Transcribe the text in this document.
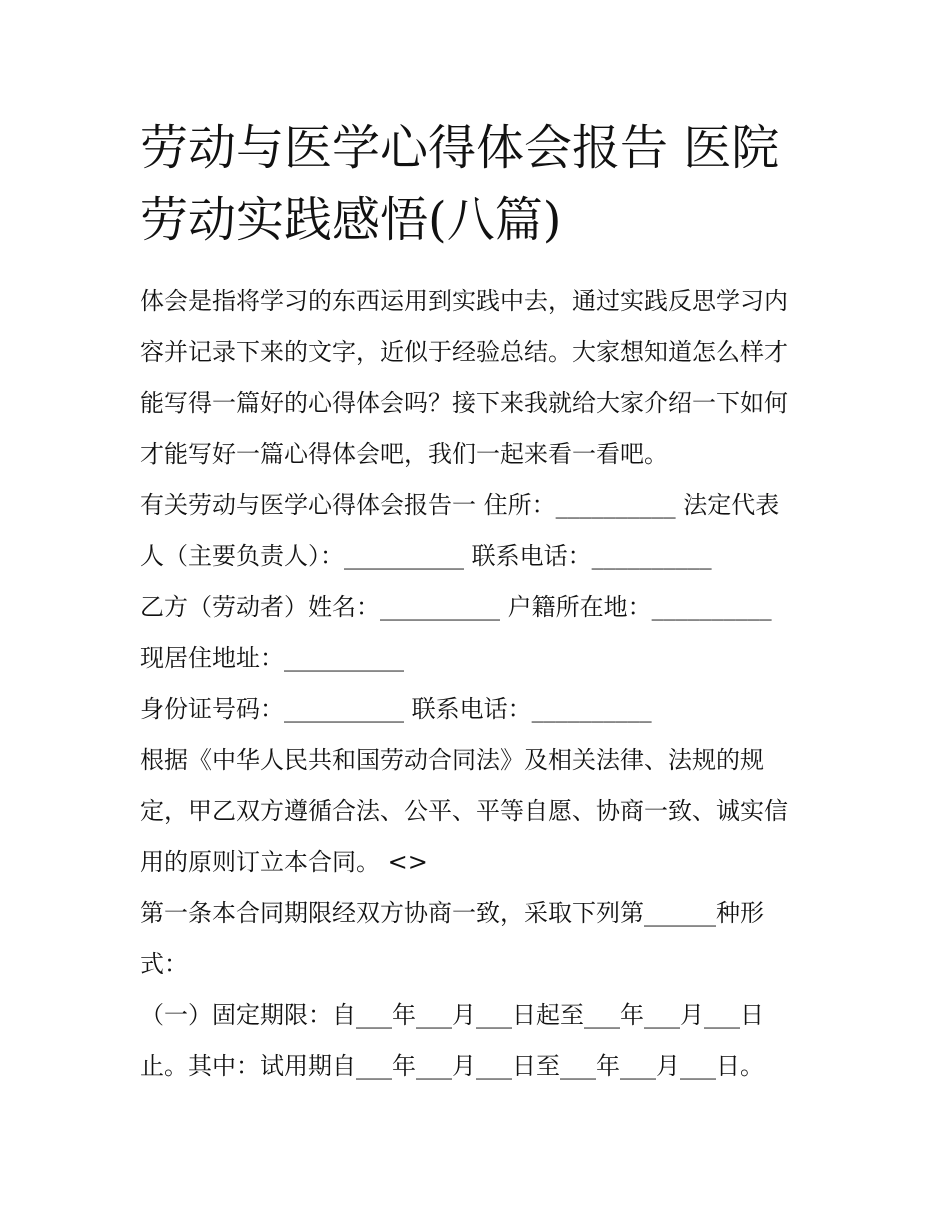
劳动与医学心得体会报告 医院
劳动实践感悟(八篇)
体会是指将学习的东西运用到实践中去，通过实践反思学习内
容并记录下来的文字，近似于经验总结。大家想知道怎么样才
能写得一篇好的心得体会吗？接下来我就给大家介绍一下如何
才能写好一篇心得体会吧，我们一起来看一看吧。
有关劳动与医学心得体会报告一 住所：__________ 法定代表
人（主要负责人）：__________ 联系电话：__________
乙方（劳动者）姓名：__________ 户籍所在地：__________
现居住地址：__________
身份证号码：__________ 联系电话：__________
根据《中华人民共和国劳动合同法》及相关法律、法规的规
定，甲乙双方遵循合法、公平、平等自愿、协商一致、诚实信
用的原则订立本合同。 <>
第一条本合同期限经双方协商一致，采取下列第______种形
式：
（一）固定期限：自___年___月___日起至___年___月___日
止。其中：试用期自___年___月___日至___年___月___日。
